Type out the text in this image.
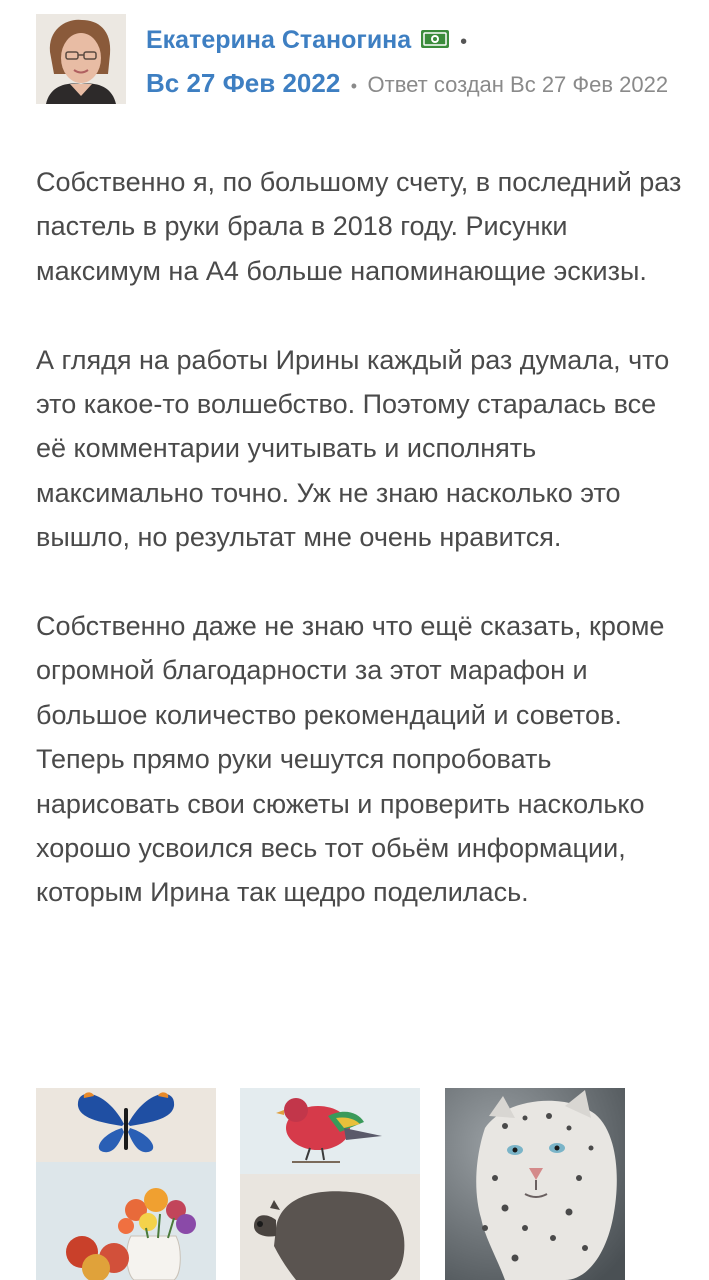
Екатерина Станогина •
Вс 27 Фев 2022 • Ответ создан Вс 27 Фев 2022

Собственно я, по большому счету, в последний раз пастель в руки брала в 2018 году. Рисунки максимум на А4 больше напоминающие эскизы.

А глядя на работы Ирины каждый раз думала, что это какое-то волшебство. Поэтому старалась все её комментарии учитывать и исполнять максимально точно. Уж не знаю насколько это вышло, но результат мне очень нравится.

Собственно даже не знаю что ещё сказать, кроме огромной благодарности за этот марафон и большое количество рекомендаций и советов. Теперь прямо руки чешутся попробовать нарисовать свои сюжеты и проверить насколько хорошо усвоился весь тот обьём информации, которым Ирина так щедро поделилась.
